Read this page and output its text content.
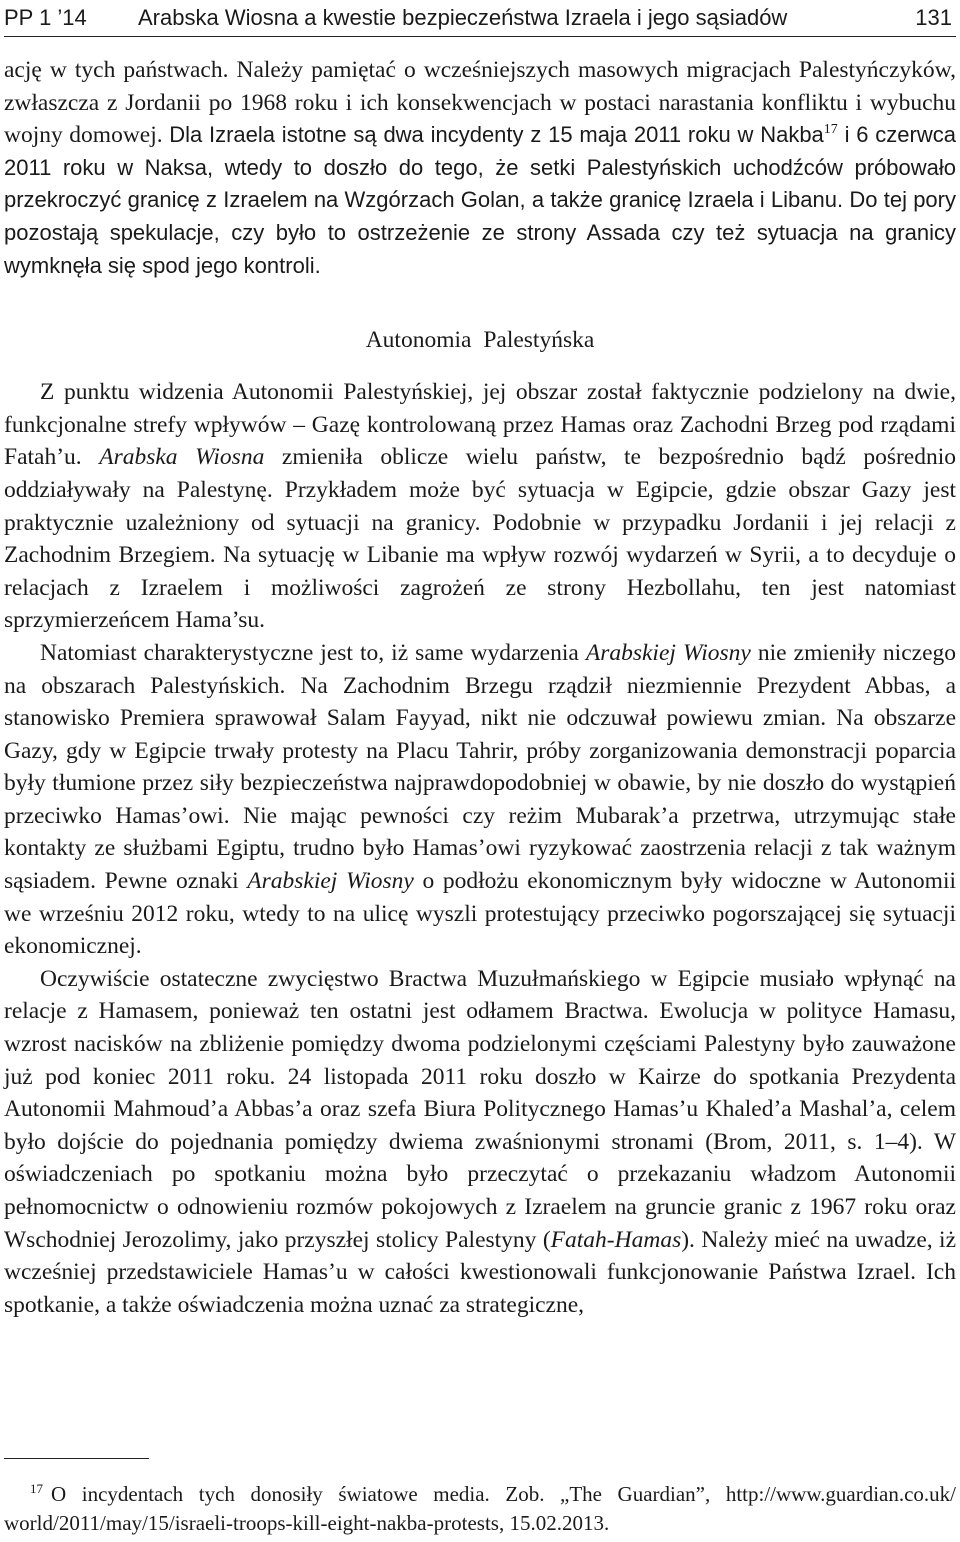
PP 1 ’14 Arabska Wiosna a kwestie bezpieczeństwa Izraela i jego sąsiadów	131

ację w tych państwach. Należy pamiętać o wcześniejszych masowych migracjach Palestyńczyków, zwłaszcza z Jordanii po 1968 roku i ich konsekwencjach w postaci narastania konfliktu i wybuchu wojny domowej. Dla Izraela istotne są dwa incydenty z 15 maja 2011 roku w Nakba$^{17}$ i 6 czerwca 2011 roku w Naksa, wtedy to doszło do tego, że setki Palestyńskich uchodźców próbowało przekroczyć granicę z Izraelem na Wzgórzach Golan, a także granicę Izraela i Libanu. Do tej pory pozostają spekulacje, czy było to ostrzeżenie ze strony Assada czy też sytuacja na granicy wymknęła się spod jego kontroli.

Autonomia Palestyńska

Z punktu widzenia Autonomii Palestyńskiej, jej obszar został faktycznie podzielony na dwie, funkcjonalne strefy wpływów – Gazę kontrolowaną przez Hamas oraz Zachodni Brzeg pod rządami Fatah’u. Arabska Wiosna zmieniła oblicze wielu państw, te bezpośrednio bądź pośrednio oddziaływały na Palestynę. Przykładem może być sytuacja w Egipcie, gdzie obszar Gazy jest praktycznie uzależniony od sytuacji na granicy. Podobnie w przypadku Jordanii i jej relacji z Zachodnim Brzegiem. Na sytuację w Libanie ma wpływ rozwój wydarzeń w Syrii, a to decyduje o relacjach z Izraelem i możliwości zagrożeń ze strony Hezbollahu, ten jest natomiast sprzymierzeńcem Hama’su.

Natomiast charakterystyczne jest to, iż same wydarzenia Arabskiej Wiosny nie zmieniły niczego na obszarach Palestyńskich. Na Zachodnim Brzegu rządził niezmiennie Prezydent Abbas, a stanowisko Premiera sprawował Salam Fayyad, nikt nie odczuwał powiewu zmian. Na obszarze Gazy, gdy w Egipcie trwały protesty na Placu Tahrir, próby zorganizowania demonstracji poparcia były tłumione przez siły bezpieczeństwa najprawdopodobniej w obawie, by nie doszło do wystąpień przeciwko Hamas’owi. Nie mając pewności czy reżim Mubarak’a przetrwa, utrzymując stałe kontakty ze służbami Egiptu, trudno było Hamas’owi ryzykować zaostrzenia relacji z tak ważnym sąsiadem. Pewne oznaki Arabskiej Wiosny o podłożu ekonomicznym były widoczne w Autonomii we wrześniu 2012 roku, wtedy to na ulicę wyszli protestujący przeciwko pogorszającej się sytuacji ekonomicznej.

Oczywiście ostateczne zwycięstwo Bractwa Muzułmańskiego w Egipcie musiało wpłynąć na relacje z Hamasem, ponieważ ten ostatni jest odłamem Bractwa. Ewolucja w polityce Hamasu, wzrost nacisków na zbliżenie pomiędzy dwoma podzielonymi częściami Palestyny było zauważone już pod koniec 2011 roku. 24 listopada 2011 roku doszło w Kairze do spotkania Prezydenta Autonomii Mahmoud’a Abbas’a oraz szefa Biura Politycznego Hamas’u Khaled’a Mashal’a, celem było dojście do pojednania pomiędzy dwiema zwaśnionymi stronami (Brom, 2011, s. 1–4). W oświadczeniach po spotkaniu można było przeczytać o przekazaniu władzom Autonomii pełnomocnictw o odnowieniu rozmów pokojowych z Izraelem na gruncie granic z 1967 roku oraz Wschodniej Jerozolimy, jako przyszłej stolicy Palestyny (Fatah-Hamas). Należy mieć na uwadze, iż wcześniej przedstawiciele Hamas’u w całości kwestionowali funkcjonowanie Państwa Izrael. Ich spotkanie, a także oświadczenia można uznać za strategiczne,

$^{17}$ O incydentach tych donosiły światowe media. Zob. „The Guardian”, http://www.guardian.co.uk/ world/2011/may/15/israeli-troops-kill-eight-nakba-protests, 15.02.2013.
